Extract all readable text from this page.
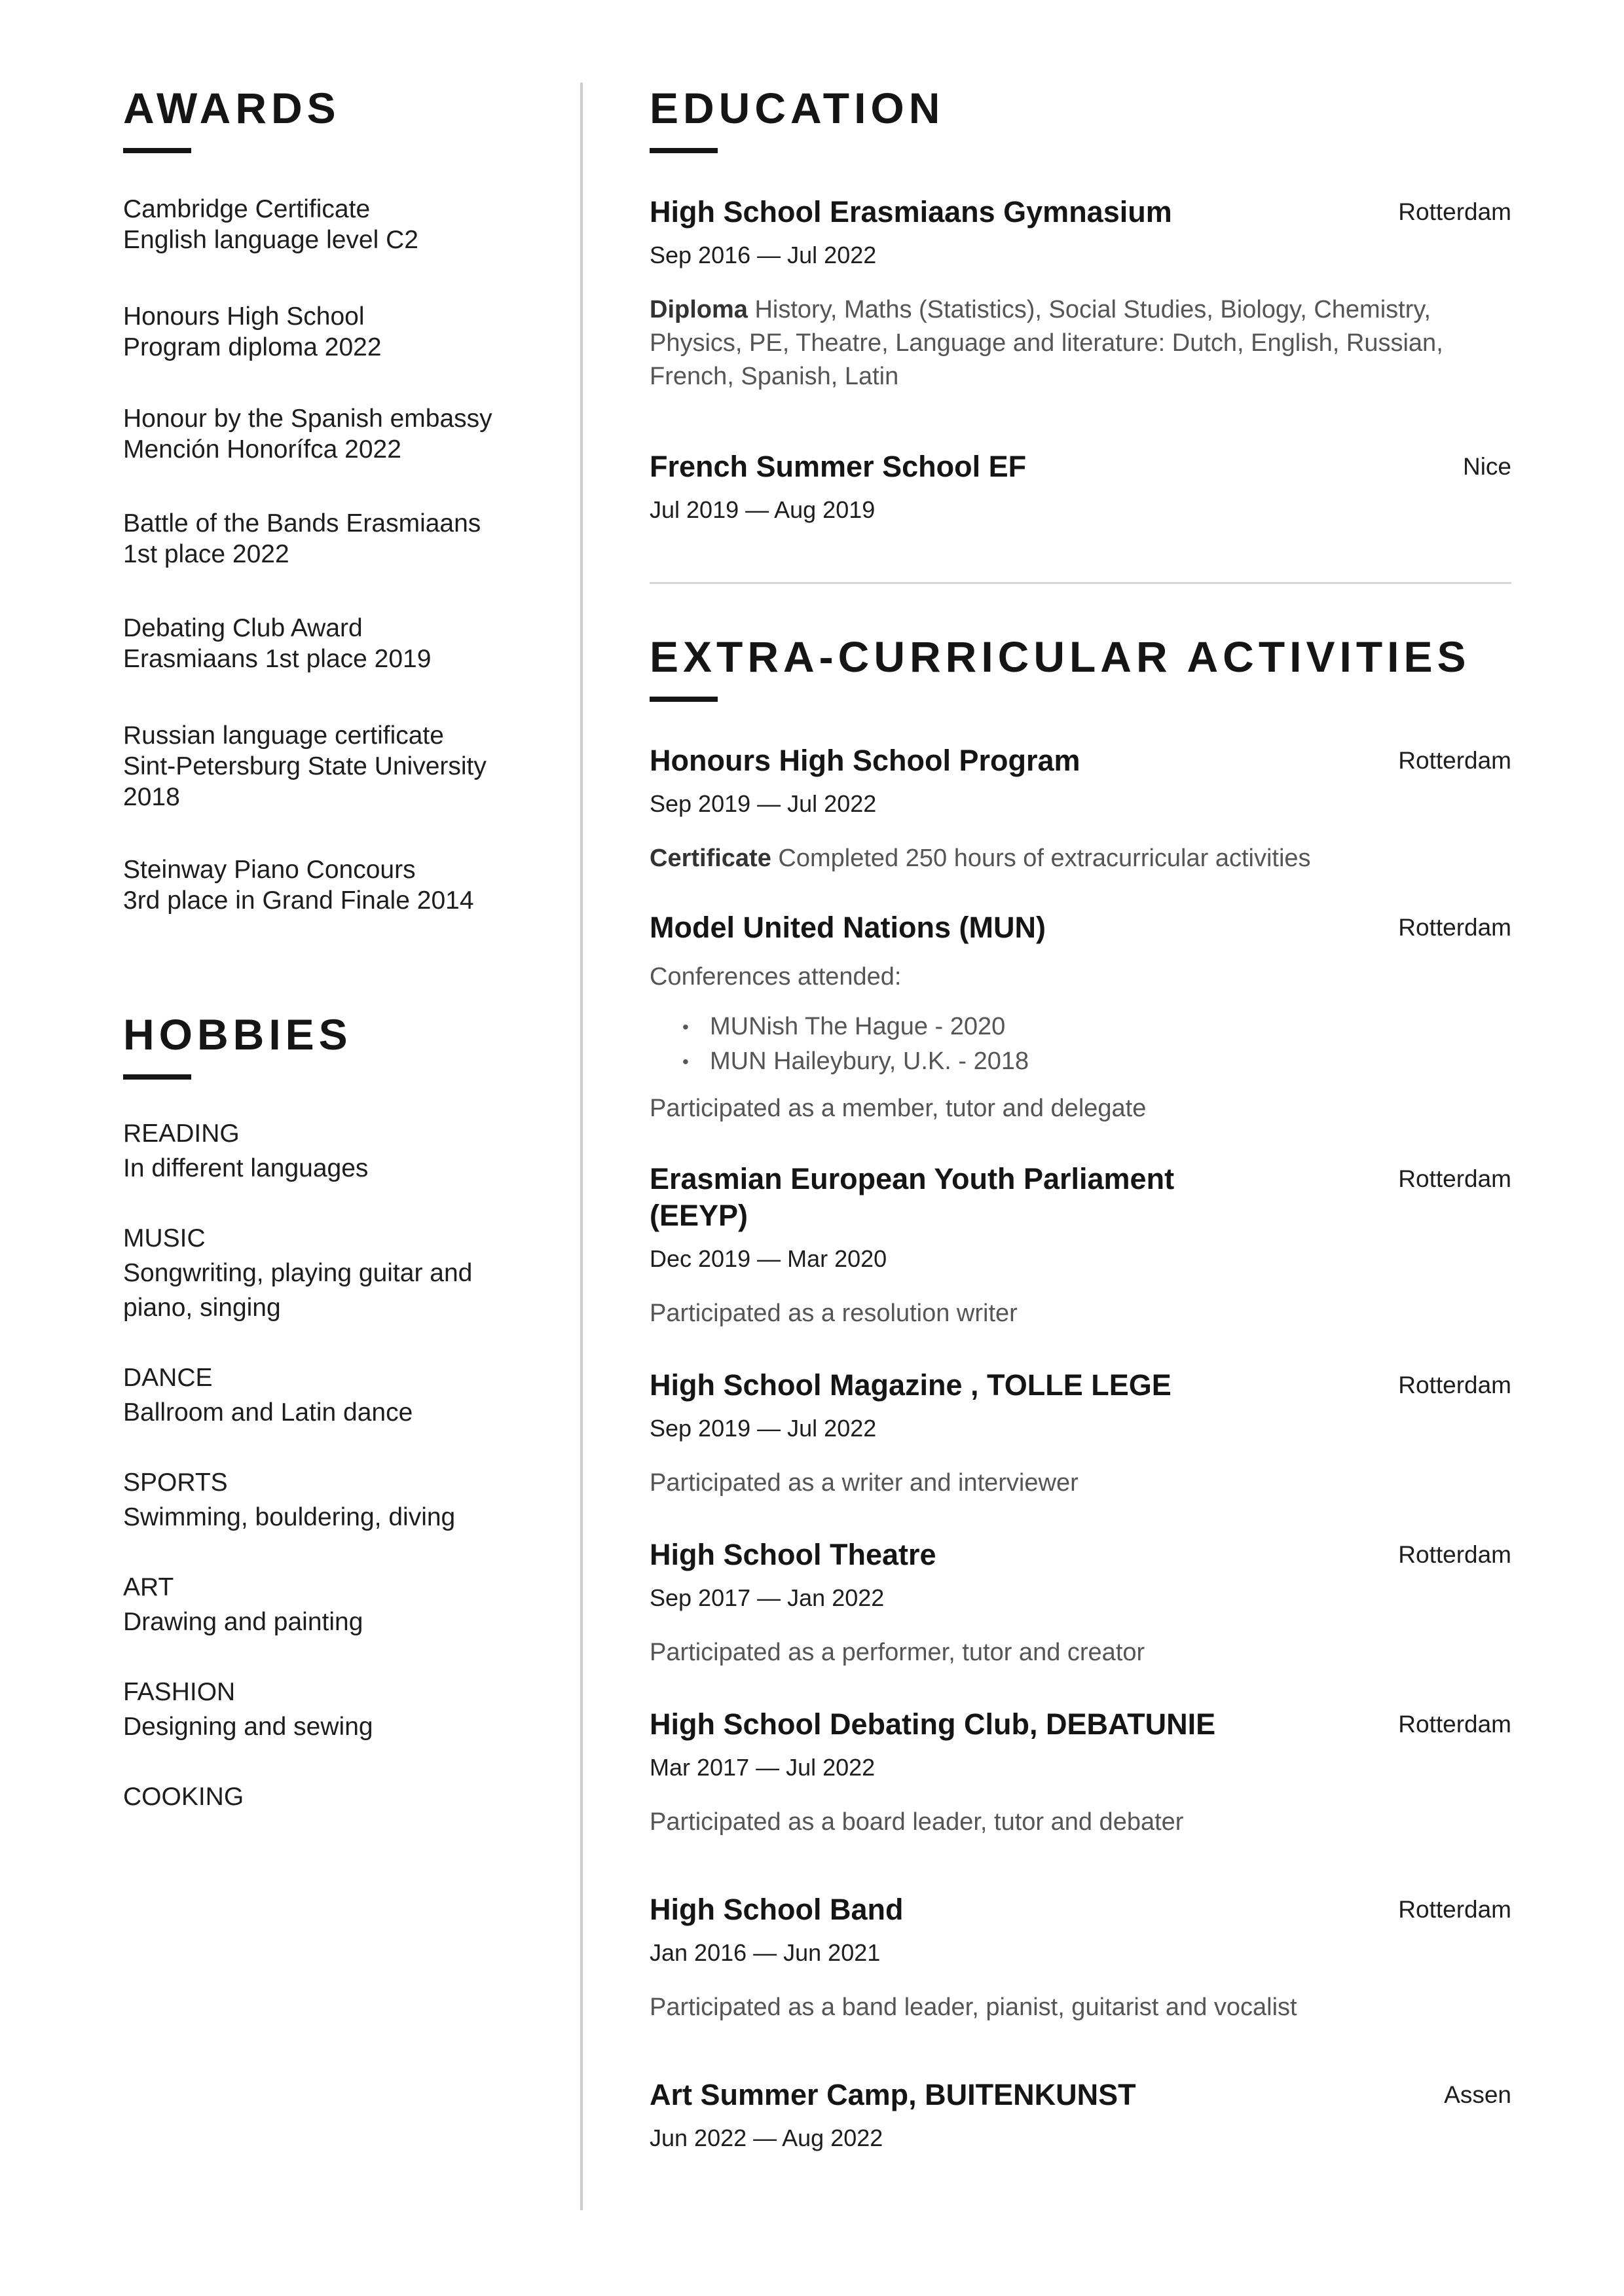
AWARDS
Cambridge Certificate
English language level C2
Honours High School
Program diploma 2022
Honour by the Spanish embassy
Mención Honorífca 2022
Battle of the Bands Erasmiaans
1st place 2022
Debating Club Award
Erasmiaans 1st place 2019
Russian language certificate
Sint-Petersburg State University
2018
Steinway Piano Concours
3rd place in Grand Finale 2014
HOBBIES
READING
In different languages
MUSIC
Songwriting, playing guitar and piano, singing
DANCE
Ballroom and Latin dance
SPORTS
Swimming, bouldering, diving
ART
Drawing and painting
FASHION
Designing and sewing
COOKING
EDUCATION
High School Erasmiaans Gymnasium	Rotterdam
Sep 2016 — Jul 2022
Diploma History, Maths (Statistics), Social Studies, Biology, Chemistry, Physics, PE, Theatre, Language and literature: Dutch, English, Russian, French, Spanish, Latin
French Summer School EF	Nice
Jul 2019 — Aug 2019
EXTRA-CURRICULAR ACTIVITIES
Honours High School Program	Rotterdam
Sep 2019 — Jul 2022
Certificate Completed 250 hours of extracurricular activities
Model United Nations (MUN)	Rotterdam
Conferences attended:
• MUNish The Hague - 2020
• MUN Haileybury, U.K. - 2018
Participated as a member, tutor and delegate
Erasmian European Youth Parliament (EEYP)
Rotterdam
Dec 2019 — Mar 2020
Participated as a resolution writer
High School Magazine , TOLLE LEGE	Rotterdam
Sep 2019 — Jul 2022
Participated as a writer and interviewer
High School Theatre	Rotterdam
Sep 2017 — Jan 2022
Participated as a performer, tutor and creator
High School Debating Club, DEBATUNIE	Rotterdam
Mar 2017 — Jul 2022
Participated as a board leader, tutor and debater
High School Band	Rotterdam
Jan 2016 — Jun 2021
Participated as a band leader, pianist, guitarist and vocalist
Art Summer Camp, BUITENKUNST	Assen
Jun 2022 — Aug 2022
